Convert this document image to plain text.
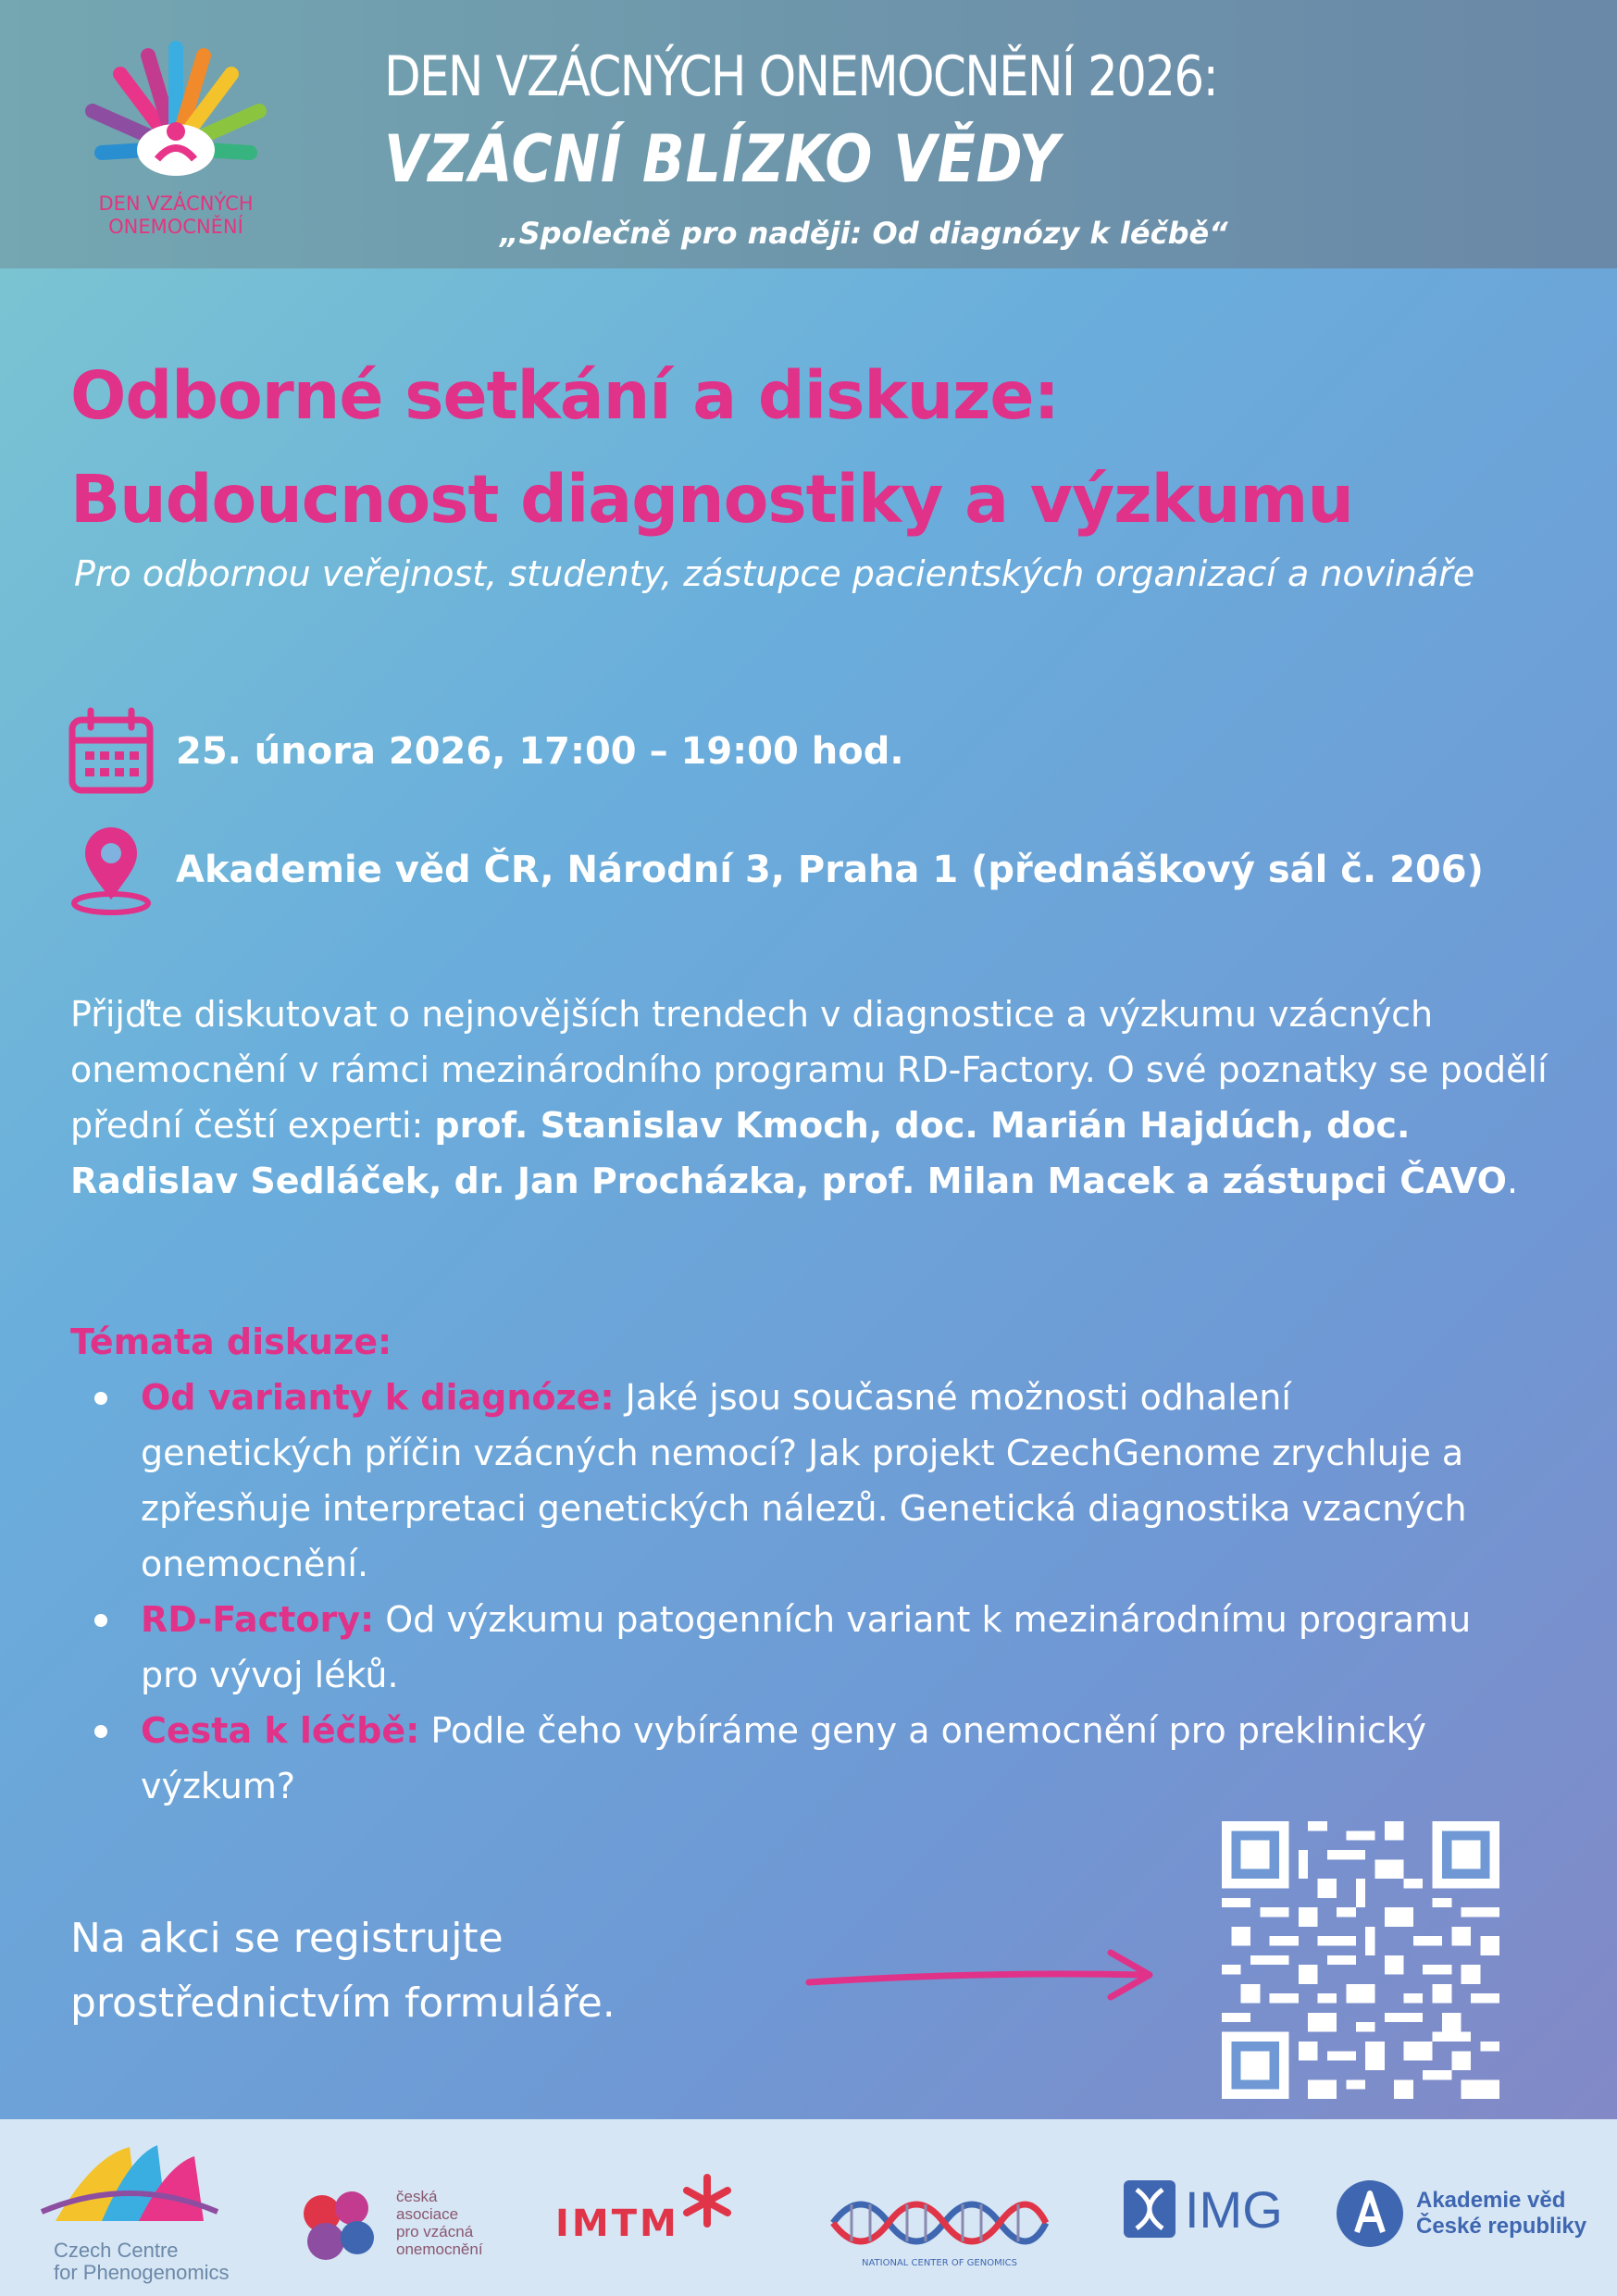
DEN VZÁCNÝCH
ONEMOCNĚNÍ
DEN VZÁCNÝCH ONEMOCNĚNÍ 2026:
VZÁCNÍ BLÍZKO VĚDY
„Společně pro naději: Od diagnózy k léčbě“
Odborné setkání a diskuze:
Budoucnost diagnostiky a výzkumu

Pro odbornou veřejnost, studenty, zástupce pacientských organizací a novináře

25. února 2026, 17:00 – 19:00 hod.
Akademie věd ČR, Národní 3, Praha 1 (přednáškový sál č. 206)

Přijďte diskutovat o nejnovějších trendech v diagnostice a výzkumu vzácných onemocnění v rámci mezinárodního programu RD-Factory. O své poznatky se podělí přední čeští experti: prof. Stanislav Kmoch, doc. Marián Hajdúch, doc. Radislav Sedláček, dr. Jan Procházka, prof. Milan Macek a zástupci ČAVO.

Témata diskuze:

Od varianty k diagnóze: Jaké jsou současné možnosti odhalení genetických příčin vzácných nemocí? Jak projekt CzechGenome zrychluje a zpřesňuje interpretaci genetických nálezů. Genetická diagnostika vzacných onemocnění.
RD-Factory: Od výzkumu patogenních variant k mezinárodnímu programu pro vývoj léků.
Cesta k léčbě: Podle čeho vybíráme geny a onemocnění pro preklinický výzkum?

Na akci se registrujte
prostřednictvím formuláře.

Czech Centre
for Phenogenomics
česká
asociace
pro vzácná
onemocnění
IMTM
NATIONAL CENTER OF GENOMICS
IMG	Akademie věd
České republiky
